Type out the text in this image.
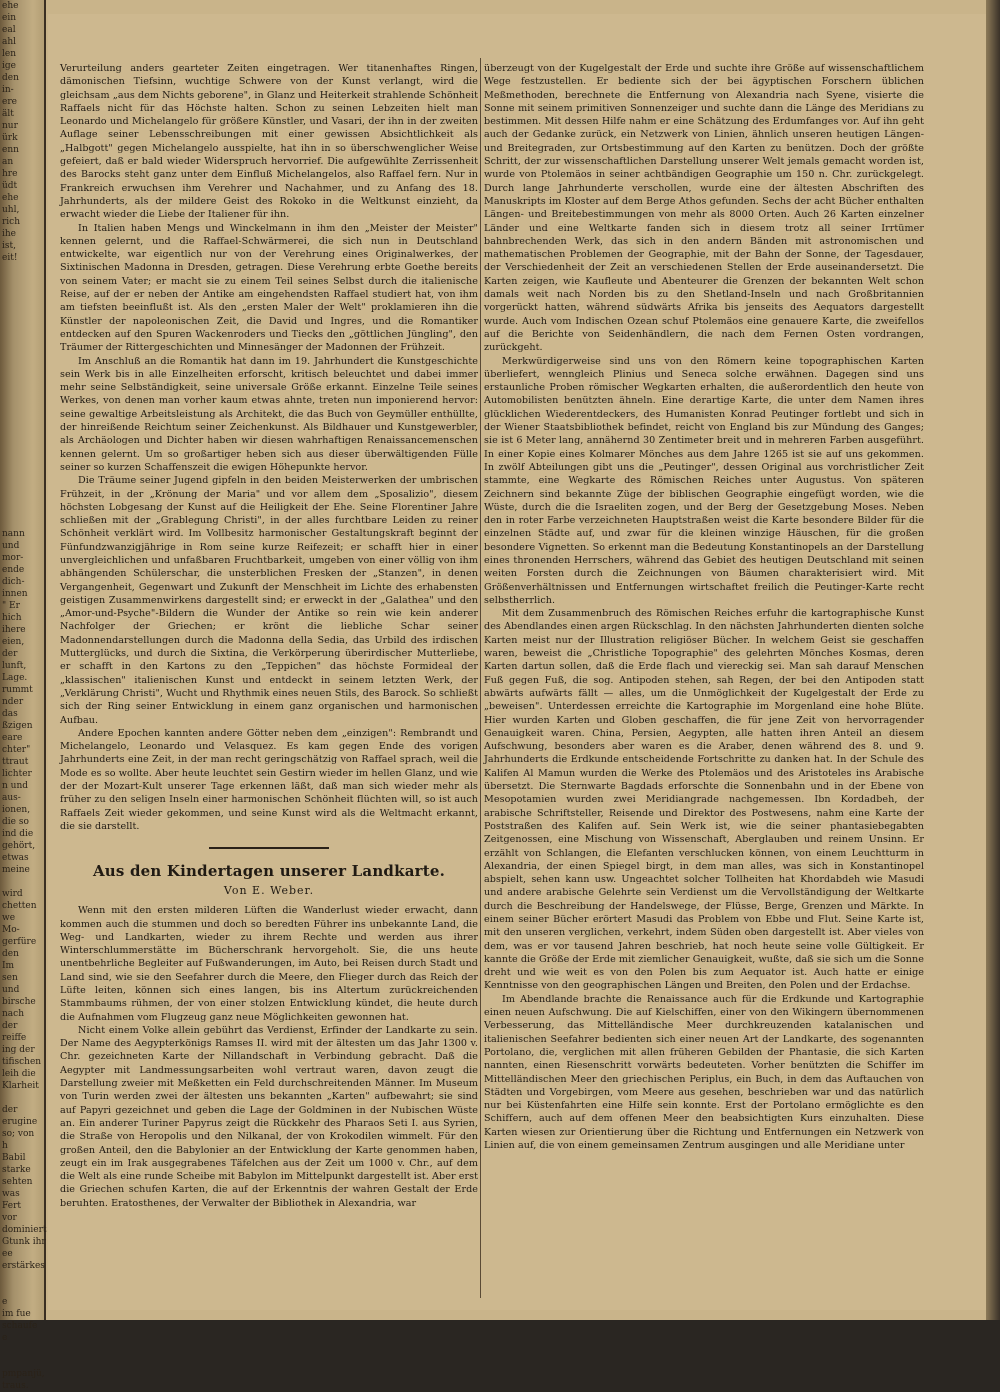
ehe
ein
eal
ahl
len
ige
den
in-
ere
ält
nur
ürk
enn
an
hre
üdt
ehe
uhl,
rich
ihe
ist,
eit!

nann
und
mor-
ende
dich-
innen
" Er
hich
ihere
eien,
der
lunft,
Lage.
rummt
nder
das
ßzigen
eare
chter"
ttraut
lichter
n und
aus-
ionen,
die so
ind die
gehört,
etwas
meine

wird
chetten
we
Mo-
gerfüre
den
Im
sen
und
birsche
nach
der
reiffe
ing der
tifischen
leih die
Klarheit

der
erugine
so; von
h
Babil
starke
sehten
was
Fert
vor
dominiert
Gtunk ihr
ee
erstärkes

e
im fue
schaufe
e

pmpanjü,
traus.

Verurteilung anders gearteter Zeiten eingetragen. Wer titanenhaftes Ringen, dämonischen Tiefsinn, wuchtige Schwere von der Kunst verlangt, wird die gleichsam „aus dem Nichts geborene", in Glanz und Heiterkeit strahlende Schönheit Raffaels nicht für das Höchste halten. Schon zu seinen Lebzeiten hielt man Leonardo und Michelangelo für größere Künstler, und Vasari, der ihn in der zweiten Auflage seiner Lebensschreibungen mit einer gewissen Absichtlichkeit als „Halbgott" gegen Michelangelo ausspielte, hat ihn in so überschwenglicher Weise gefeiert, daß er bald wieder Widerspruch hervorrief. Die aufgewühlte Zerrissenheit des Barocks steht ganz unter dem Einfluß Michelangelos, also Raffael fern. Nur in Frankreich erwuchsen ihm Verehrer und Nachahmer, und zu Anfang des 18. Jahrhunderts, als der mildere Geist des Rokoko in die Weltkunst einzieht, da erwacht wieder die Liebe der Italiener für ihn.

In Italien haben Mengs und Winckelmann in ihm den „Meister der Meister" kennen gelernt, und die Raffael-Schwärmerei, die sich nun in Deutschland entwickelte, war eigentlich nur von der Verehrung eines Originalwerkes, der Sixtinischen Madonna in Dresden, getragen. Diese Verehrung erbte Goethe bereits von seinem Vater; er macht sie zu einem Teil seines Selbst durch die italienische Reise, auf der er neben der Antike am eingehendsten Raffael studiert hat, von ihm am tiefsten beeinflußt ist. Als den „ersten Maler der Welt" proklamieren ihn die Künstler der napoleonischen Zeit, die David und Ingres, und die Romantiker entdecken auf den Spuren Wackenroders und Tiecks den „göttlichen Jüngling", den Träumer der Rittergeschichten und Minnesänger der Madonnen der Frühzeit.

Im Anschluß an die Romantik hat dann im 19. Jahrhundert die Kunstgeschichte sein Werk bis in alle Einzelheiten erforscht, kritisch beleuchtet und dabei immer mehr seine Selbständigkeit, seine universale Größe erkannt. Einzelne Teile seines Werkes, von denen man vorher kaum etwas ahnte, treten nun imponierend hervor: seine gewaltige Arbeitsleistung als Architekt, die das Buch von Geymüller enthüllte, der hinreißende Reichtum seiner Zeichenkunst. Als Bildhauer und Kunstgewerbler, als Archäologen und Dichter haben wir diesen wahrhaftigen Renaissancemenschen kennen gelernt. Um so großartiger heben sich aus dieser überwältigenden Fülle seiner so kurzen Schaffenszeit die ewigen Höhepunkte hervor.

Die Träume seiner Jugend gipfeln in den beiden Meisterwerken der umbrischen Frühzeit, in der „Krönung der Maria" und vor allem dem „Sposalizio", diesem höchsten Lobgesang der Kunst auf die Heiligkeit der Ehe. Seine Florentiner Jahre schließen mit der „Grablegung Christi", in der alles furchtbare Leiden zu reiner Schönheit verklärt wird. Im Vollbesitz harmonischer Gestaltungskraft beginnt der Fünfundzwanzigjährige in Rom seine kurze Reifezeit; er schafft hier in einer unvergleichlichen und unfaßbaren Fruchtbarkeit, umgeben von einer völlig von ihm abhängenden Schülerschar, die unsterblichen Fresken der „Stanzen", in denen Vergangenheit, Gegenwart und Zukunft der Menschheit im Lichte des erhabensten geistigen Zusammenwirkens dargestellt sind; er erweckt in der „Galathea" und den „Amor-und-Psyche"-Bildern die Wunder der Antike so rein wie kein anderer Nachfolger der Griechen; er krönt die liebliche Schar seiner Madonnendarstellungen durch die Madonna della Sedia, das Urbild des irdischen Mutterglücks, und durch die Sixtina, die Verkörperung überirdischer Mutterliebe, er schafft in den Kartons zu den „Teppichen" das höchste Formideal der „klassischen" italienischen Kunst und entdeckt in seinem letzten Werk, der „Verklärung Christi", Wucht und Rhythmik eines neuen Stils, des Barock. So schließt sich der Ring seiner Entwicklung in einem ganz organischen und harmonischen Aufbau.

Andere Epochen kannten andere Götter neben dem „einzigen": Rembrandt und Michelangelo, Leonardo und Velasquez. Es kam gegen Ende des vorigen Jahrhunderts eine Zeit, in der man recht geringschätzig von Raffael sprach, weil die Mode es so wollte. Aber heute leuchtet sein Gestirn wieder im hellen Glanz, und wie der der Mozart-Kult unserer Tage erkennen läßt, daß man sich wieder mehr als früher zu den seligen Inseln einer harmonischen Schönheit flüchten will, so ist auch Raffaels Zeit wieder gekommen, und seine Kunst wird als die Weltmacht erkannt, die sie darstellt.

Aus den Kindertagen unserer Landkarte.
Von E. Weber.

Wenn mit den ersten milderen Lüften die Wanderlust wieder erwacht, dann kommen auch die stummen und doch so beredten Führer ins unbekannte Land, die Weg- und Landkarten, wieder zu ihrem Rechte und werden aus ihrer Winterschlummerstätte im Bücherschrank hervorgeholt. Sie, die uns heute unentbehrliche Begleiter auf Fußwanderungen, im Auto, bei Reisen durch Stadt und Land sind, wie sie den Seefahrer durch die Meere, den Flieger durch das Reich der Lüfte leiten, können sich eines langen, bis ins Altertum zurückreichenden Stammbaums rühmen, der von einer stolzen Entwicklung kündet, die heute durch die Aufnahmen vom Flugzeug ganz neue Möglichkeiten gewonnen hat.

Nicht einem Volke allein gebührt das Verdienst, Erfinder der Landkarte zu sein. Der Name des Aegypterkönigs Ramses II. wird mit der ältesten um das Jahr 1300 v. Chr. gezeichneten Karte der Nillandschaft in Verbindung gebracht. Daß die Aegypter mit Landmessungsarbeiten wohl vertraut waren, davon zeugt die Darstellung zweier mit Meßketten ein Feld durchschreitenden Männer. Im Museum von Turin werden zwei der ältesten uns bekannten „Karten" aufbewahrt; sie sind auf Papyri gezeichnet und geben die Lage der Goldminen in der Nubischen Wüste an. Ein anderer Turiner Papyrus zeigt die Rückkehr des Pharaos Seti I. aus Syrien, die Straße von Heropolis und den Nilkanal, der von Krokodilen wimmelt. Für den großen Anteil, den die Babylonier an der Entwicklung der Karte genommen haben, zeugt ein im Irak ausgegrabenes Täfelchen aus der Zeit um 1000 v. Chr., auf dem die Welt als eine runde Scheibe mit Babylon im Mittelpunkt dargestellt ist. Aber erst die Griechen schufen Karten, die auf der Erkenntnis der wahren Gestalt der Erde beruhten. Eratosthenes, der Verwalter der Bibliothek in Alexandria, war

überzeugt von der Kugelgestalt der Erde und suchte ihre Größe auf wissenschaftlichem Wege festzustellen. Er bediente sich der bei ägyptischen Forschern üblichen Meßmethoden, berechnete die Entfernung von Alexandria nach Syene, visierte die Sonne mit seinem primitiven Sonnenzeiger und suchte dann die Länge des Meridians zu bestimmen. Mit dessen Hilfe nahm er eine Schätzung des Erdumfanges vor. Auf ihn geht auch der Gedanke zurück, ein Netzwerk von Linien, ähnlich unseren heutigen Längen- und Breitegraden, zur Ortsbestimmung auf den Karten zu benützen. Doch der größte Schritt, der zur wissenschaftlichen Darstellung unserer Welt jemals gemacht worden ist, wurde von Ptolemäos in seiner achtbändigen Geographie um 150 n. Chr. zurückgelegt. Durch lange Jahrhunderte verschollen, wurde eine der ältesten Abschriften des Manuskripts im Kloster auf dem Berge Athos gefunden. Sechs der acht Bücher enthalten Längen- und Breitebestimmungen von mehr als 8000 Orten. Auch 26 Karten einzelner Länder und eine Weltkarte fanden sich in diesem trotz all seiner Irrtümer bahnbrechenden Werk, das sich in den andern Bänden mit astronomischen und mathematischen Problemen der Geographie, mit der Bahn der Sonne, der Tagesdauer, der Verschiedenheit der Zeit an verschiedenen Stellen der Erde auseinandersetzt. Die Karten zeigen, wie Kaufleute und Abenteurer die Grenzen der bekannten Welt schon damals weit nach Norden bis zu den Shetland-Inseln und nach Großbritannien vorgerückt hatten, während südwärts Afrika bis jenseits des Aequators dargestellt wurde. Auch vom Indischen Ozean schuf Ptolemäos eine genauere Karte, die zweifellos auf die Berichte von Seidenhändlern, die nach dem Fernen Osten vordrangen, zurückgeht.

Merkwürdigerweise sind uns von den Römern keine topographischen Karten überliefert, wenngleich Plinius und Seneca solche erwähnen. Dagegen sind uns erstaunliche Proben römischer Wegkarten erhalten, die außerordentlich den heute von Automobilisten benützten ähneln. Eine derartige Karte, die unter dem Namen ihres glücklichen Wiederentdeckers, des Humanisten Konrad Peutinger fortlebt und sich in der Wiener Staatsbibliothek befindet, reicht von England bis zur Mündung des Ganges; sie ist 6 Meter lang, annähernd 30 Zentimeter breit und in mehreren Farben ausgeführt. In einer Kopie eines Kolmarer Mönches aus dem Jahre 1265 ist sie auf uns gekommen. In zwölf Abteilungen gibt uns die „Peutinger", dessen Original aus vorchristlicher Zeit stammte, eine Wegkarte des Römischen Reiches unter Augustus. Von späteren Zeichnern sind bekannte Züge der biblischen Geographie eingefügt worden, wie die Wüste, durch die die Israeliten zogen, und der Berg der Gesetzgebung Moses. Neben den in roter Farbe verzeichneten Hauptstraßen weist die Karte besondere Bilder für die einzelnen Städte auf, und zwar für die kleinen winzige Häuschen, für die großen besondere Vignetten. So erkennt man die Bedeutung Konstantinopels an der Darstellung eines thronenden Herrschers, während das Gebiet des heutigen Deutschland mit seinen weiten Forsten durch die Zeichnungen von Bäumen charakterisiert wird. Mit Größenverhältnissen und Entfernungen wirtschaftet freilich die Peutinger-Karte recht selbstherrlich.

Mit dem Zusammenbruch des Römischen Reiches erfuhr die kartographische Kunst des Abendlandes einen argen Rückschlag. In den nächsten Jahrhunderten dienten solche Karten meist nur der Illustration religiöser Bücher. In welchem Geist sie geschaffen waren, beweist die „Christliche Topographie" des gelehrten Mönches Kosmas, deren Karten dartun sollen, daß die Erde flach und viereckig sei. Man sah darauf Menschen Fuß gegen Fuß, die sog. Antipoden stehen, sah Regen, der bei den Antipoden statt abwärts aufwärts fällt — alles, um die Unmöglichkeit der Kugelgestalt der Erde zu „beweisen". Unterdessen erreichte die Kartographie im Morgenland eine hohe Blüte. Hier wurden Karten und Globen geschaffen, die für jene Zeit von hervorragender Genauigkeit waren. China, Persien, Aegypten, alle hatten ihren Anteil an diesem Aufschwung, besonders aber waren es die Araber, denen während des 8. und 9. Jahrhunderts die Erdkunde entscheidende Fortschritte zu danken hat. In der Schule des Kalifen Al Mamun wurden die Werke des Ptolemäos und des Aristoteles ins Arabische übersetzt. Die Sternwarte Bagdads erforschte die Sonnenbahn und in der Ebene von Mesopotamien wurden zwei Meridiangrade nachgemessen. Ibn Kordadbeh, der arabische Schriftsteller, Reisende und Direktor des Postwesens, nahm eine Karte der Poststraßen des Kalifen auf. Sein Werk ist, wie die seiner phantasiebegabten Zeitgenossen, eine Mischung von Wissenschaft, Aberglauben und reinem Unsinn. Er erzählt von Schlangen, die Elefanten verschlucken können, von einem Leuchtturm in Alexandria, der einen Spiegel birgt, in dem man alles, was sich in Konstantinopel abspielt, sehen kann usw. Ungeachtet solcher Tollheiten hat Khordabdeh wie Masudi und andere arabische Gelehrte sein Verdienst um die Vervollständigung der Weltkarte durch die Beschreibung der Handelswege, der Flüsse, Berge, Grenzen und Märkte. In einem seiner Bücher erörtert Masudi das Problem von Ebbe und Flut. Seine Karte ist, mit den unseren verglichen, verkehrt, indem Süden oben dargestellt ist. Aber vieles von dem, was er vor tausend Jahren beschrieb, hat noch heute seine volle Gültigkeit. Er kannte die Größe der Erde mit ziemlicher Genauigkeit, wußte, daß sie sich um die Sonne dreht und wie weit es von den Polen bis zum Aequator ist. Auch hatte er einige Kenntnisse von den geographischen Längen und Breiten, den Polen und der Erdachse.

Im Abendlande brachte die Renaissance auch für die Erdkunde und Kartographie einen neuen Aufschwung. Die auf Kielschiffen, einer von den Wikingern übernommenen Verbesserung, das Mittelländische Meer durchkreuzenden katalanischen und italienischen Seefahrer bedienten sich einer neuen Art der Landkarte, des sogenannten Portolano, die, verglichen mit allen früheren Gebilden der Phantasie, die sich Karten nannten, einen Riesenschritt vorwärts bedeuteten. Vorher benützten die Schiffer im Mittelländischen Meer den griechischen Periplus, ein Buch, in dem das Auftauchen von Städten und Vorgebirgen, vom Meere aus gesehen, beschrieben war und das natürlich nur bei Küstenfahrten eine Hilfe sein konnte. Erst der Portolano ermöglichte es den Schiffern, auch auf dem offenen Meer den beabsichtigten Kurs einzuhalten. Diese Karten wiesen zur Orientierung über die Richtung und Entfernungen ein Netzwerk von Linien auf, die von einem gemeinsamen Zentrum ausgingen und alle Meridiane unter
